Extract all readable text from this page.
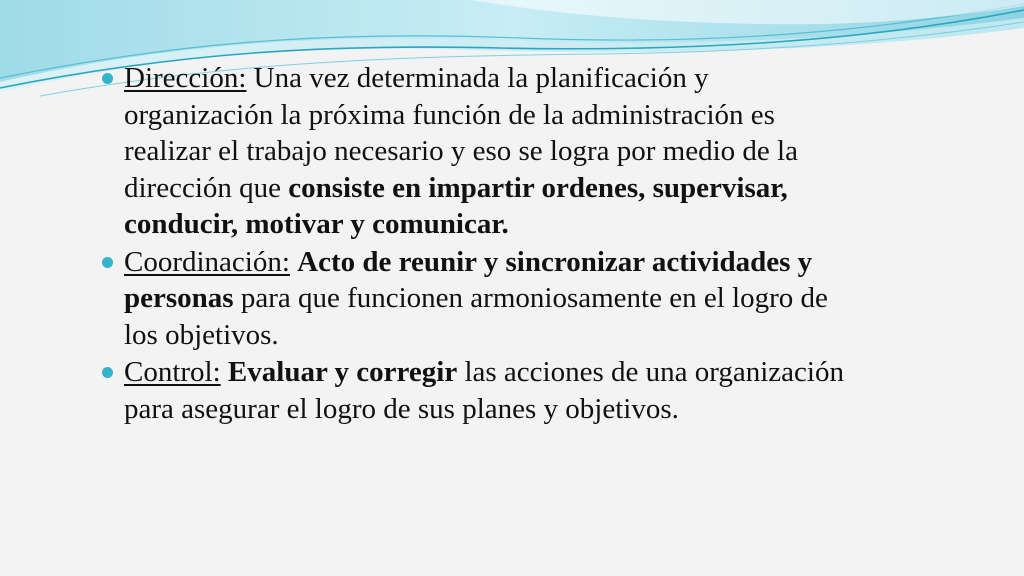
Dirección: Una vez determinada la planificación y organización la próxima función de la administración es realizar el trabajo necesario y eso se logra por medio de la dirección que consiste en impartir ordenes, supervisar, conducir, motivar y comunicar.

Coordinación: Acto de reunir y sincronizar actividades y personas para que funcionen armoniosamente en el logro de los objetivos.

Control: Evaluar y corregir las acciones de una organización para asegurar el logro de sus planes y objetivos.
